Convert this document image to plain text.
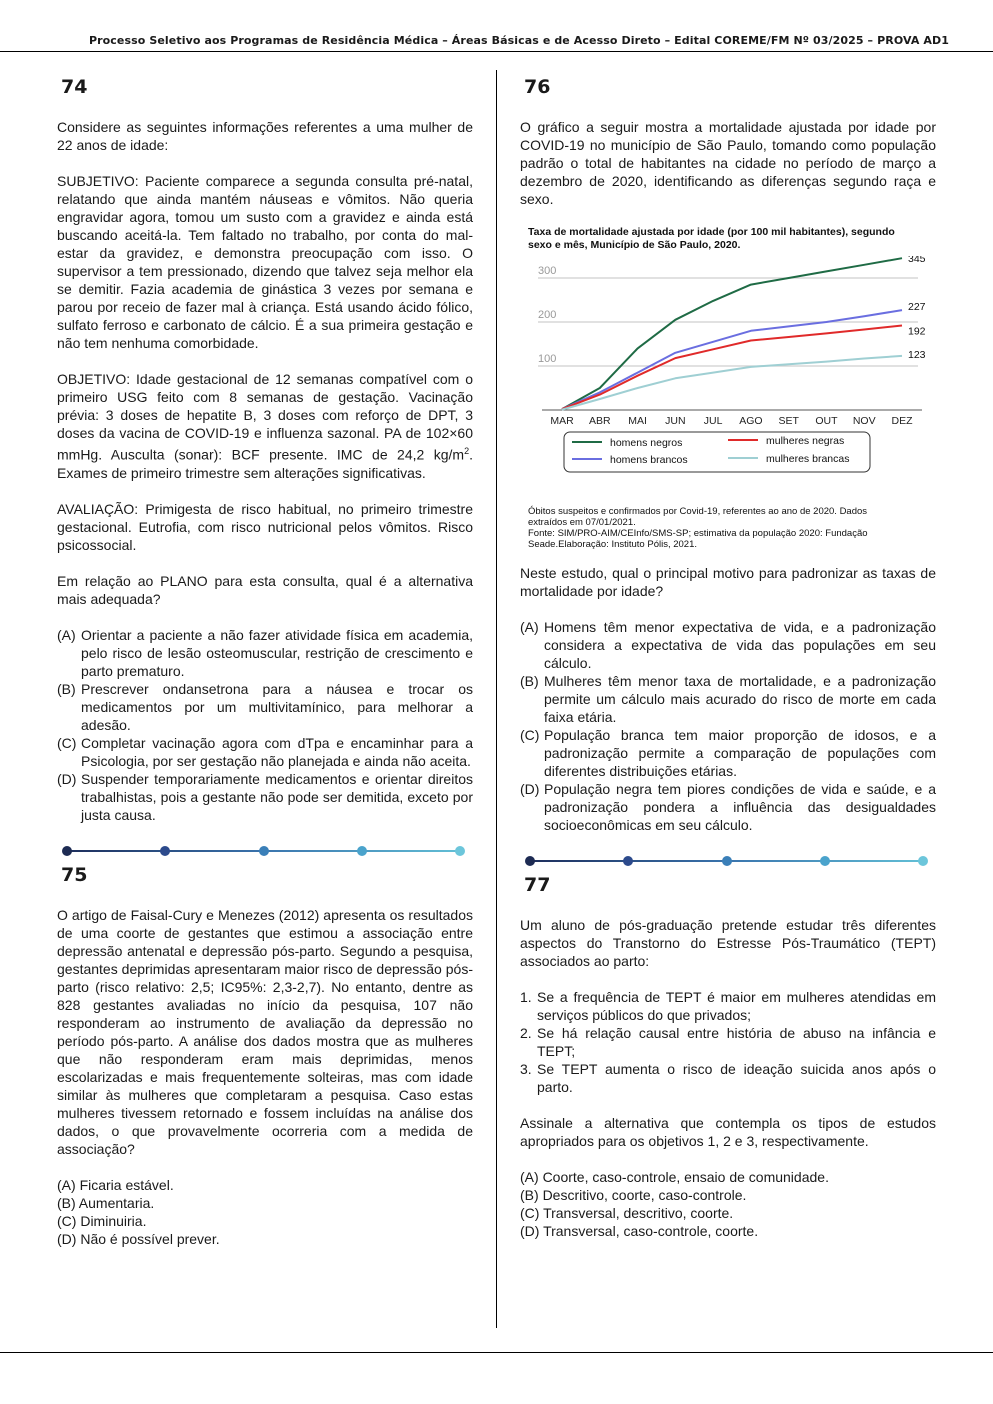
Processo Seletivo aos Programas de Residência Médica – Áreas Básicas e de Acesso Direto – Edital COREME/FM Nº 03/2025 – PROVA AD1
74

Considere as seguintes informações referentes a uma mulher de 22 anos de idade:

SUBJETIVO: Paciente comparece a segunda consulta pré-natal, relatando que ainda mantém náuseas e vômitos. Não queria engravidar agora, tomou um susto com a gravidez e ainda está buscando aceitá-la. Tem faltado no trabalho, por conta do mal-estar da gravidez, e demonstra preocupação com isso. O supervisor a tem pressionado, dizendo que talvez seja melhor ela se demitir. Fazia academia de ginástica 3 vezes por semana e parou por receio de fazer mal à criança. Está usando ácido fólico, sulfato ferroso e carbonato de cálcio. É a sua primeira gestação e não tem nenhuma comorbidade.

OBJETIVO: Idade gestacional de 12 semanas compatível com o primeiro USG feito com 8 semanas de gestação. Vacinação prévia: 3 doses de hepatite B, 3 doses com reforço de DPT, 3 doses da vacina de COVID-19 e influenza sazonal. PA de 102×60 mmHg. Ausculta (sonar): BCF presente. IMC de 24,2 $kg/m^2$. Exames de primeiro trimestre sem alterações significativas.

AVALIAÇÃO: Primigesta de risco habitual, no primeiro trimestre gestacional. Eutrofia, com risco nutricional pelos vômitos. Risco psicossocial.

Em relação ao PLANO para esta consulta, qual é a alternativa mais adequada?

(A) Orientar a paciente a não fazer atividade física em academia, pelo risco de lesão osteomuscular, restrição de crescimento e parto prematuro.
(B) Prescrever ondansetrona para a náusea e trocar os medicamentos por um multivitamínico, para melhorar a adesão.
(C) Completar vacinação agora com dTpa e encaminhar para a Psicologia, por ser gestação não planejada e ainda não aceita.
(D) Suspender temporariamente medicamentos e orientar direitos trabalhistas, pois a gestante não pode ser demitida, exceto por justa causa.
75

O artigo de Faisal-Cury e Menezes (2012) apresenta os resultados de uma coorte de gestantes que estimou a associação entre depressão antenatal e depressão pós-parto. Segundo a pesquisa, gestantes deprimidas apresentaram maior risco de depressão pós-parto (risco relativo: 2,5; IC95%: 2,3-2,7). No entanto, dentre as 828 gestantes avaliadas no início da pesquisa, 107 não responderam ao instrumento de avaliação da depressão no período pós-parto. A análise dos dados mostra que as mulheres que não responderam eram mais deprimidas, menos escolarizadas e mais frequentemente solteiras, mas com idade similar às mulheres que completaram a pesquisa. Caso estas mulheres tivessem retornado e fossem incluídas na análise dos dados, o que provavelmente ocorreria com a medida de associação?

(A) Ficaria estável.
(B) Aumentaria.
(C) Diminuiria.
(D) Não é possível prever.
76

O gráfico a seguir mostra a mortalidade ajustada por idade por COVID-19 no município de São Paulo, tomando como população padrão o total de habitantes na cidade no período de março a dezembro de 2020, identificando as diferenças segundo raça e sexo.

Taxa de mortalidade ajustada por idade (por 100 mil habitantes), segundo
sexo e mês, Município de São Paulo, 2020.
100
200
300
MAR ABR MAI JUN JUL AGO SET OUT NOV DEZ
345
227
192
123
homens negros	mulheres negras
homens brancos	mulheres brancas
Óbitos suspeitos e confirmados por Covid-19, referentes ao ano de 2020. Dados
extraídos em 07/01/2021.
Fonte: SIM/PRO-AIM/CEInfo/SMS-SP; estimativa da população 2020: Fundação
Seade.Elaboração: Instituto Pólis, 2021.

Neste estudo, qual o principal motivo para padronizar as taxas de mortalidade por idade?

(A) Homens têm menor expectativa de vida, e a padronização considera a expectativa de vida das populações em seu cálculo.
(B) Mulheres têm menor taxa de mortalidade, e a padronização permite um cálculo mais acurado do risco de morte em cada faixa etária.
(C) População branca tem maior proporção de idosos, e a padronização permite a comparação de populações com diferentes distribuições etárias.
(D) População negra tem piores condições de vida e saúde, e a padronização pondera a influência das desigualdades socioeconômicas em seu cálculo.
77

Um aluno de pós-graduação pretende estudar três diferentes aspectos do Transtorno do Estresse Pós-Traumático (TEPT) associados ao parto:

1. Se a frequência de TEPT é maior em mulheres atendidas em serviços públicos do que privados;
2. Se há relação causal entre história de abuso na infância e TEPT;
3. Se TEPT aumenta o risco de ideação suicida anos após o parto.

Assinale a alternativa que contempla os tipos de estudos apropriados para os objetivos 1, 2 e 3, respectivamente.

(A) Coorte, caso-controle, ensaio de comunidade.
(B) Descritivo, coorte, caso-controle.
(C) Transversal, descritivo, coorte.
(D) Transversal, caso-controle, coorte.
